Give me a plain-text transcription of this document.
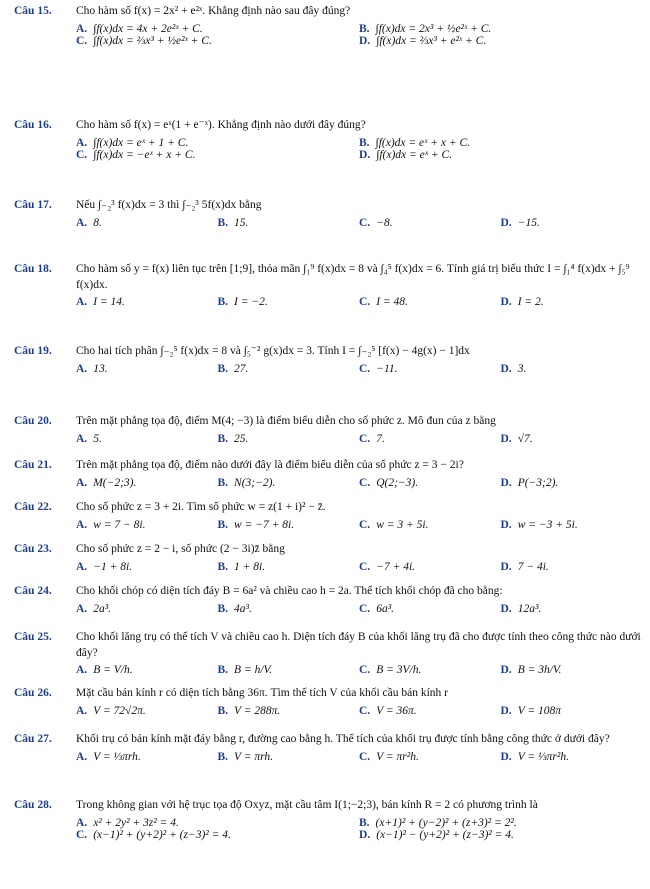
Câu 15.	Cho hàm số f(x) = 2x² + e²ˣ. Khẳng định nào sau đây đúng?
A. ∫f(x)dx = 4x + 2e²ˣ + C.	B. ∫f(x)dx = 2x³ + ½e²ˣ + C.
C. ∫f(x)dx = ⅔x³ + ½e²ˣ + C.	D. ∫f(x)dx = ⅔x³ + e²ˣ + C.
Câu 16.	Cho hàm số f(x) = eˣ(1 + e⁻ˣ). Khẳng định nào dưới đây đúng?
A. ∫f(x)dx = eˣ + 1 + C.	B. ∫f(x)dx = eˣ + x + C.
C. ∫f(x)dx = −eˣ + x + C.	D. ∫f(x)dx = eˣ + C.
Câu 17.	Nếu ∫₋₂³ f(x)dx = 3 thì ∫₋₂³ 5f(x)dx bằng
A. 8.	B. 15.	C. −8.	D. −15.
Câu 18.	Cho hàm số y = f(x) liên tục trên [1;9], thỏa mãn ∫₁⁹ f(x)dx = 8 và ∫₄⁵ f(x)dx = 6. Tính giá trị biểu thức I = ∫₁⁴ f(x)dx + ∫₅⁹ f(x)dx.
A. I = 14.	B. I = −2.	C. I = 48.	D. I = 2.
Câu 19.	Cho hai tích phân ∫₋₂⁵ f(x)dx = 8 và ∫₅⁻² g(x)dx = 3. Tính I = ∫₋₂⁵ [f(x) − 4g(x) − 1]dx
A. 13.	B. 27.	C. −11.	D. 3.
Câu 20.	Trên mặt phẳng tọa độ, điểm M(4; −3) là điểm biểu diễn cho số phức z. Mô đun của z bằng
A. 5.	B. 25.	C. 7.	D. √7.
Câu 21.	Trên mặt phẳng tọa độ, điểm nào dưới đây là điểm biểu diễn của số phức z = 3 − 2i?
A. M(−2;3).	B. N(3;−2).	C. Q(2;−3).	D. P(−3;2).
Câu 22.	Cho số phức z = 3 + 2i. Tìm số phức w = z(1 + i)² − z̄.
A. w = 7 − 8i.	B. w = −7 + 8i.	C. w = 3 + 5i.	D. w = −3 + 5i.
Câu 23.	Cho số phức z = 2 − i, số phức (2 − 3i)z̄ bằng
A. −1 + 8i.	B. 1 + 8i.	C. −7 + 4i.	D. 7 − 4i.
Câu 24.	Cho khối chóp có diện tích đáy B = 6a² và chiều cao h = 2a. Thể tích khối chóp đã cho bằng:
A. 2a³.	B. 4a³.	C. 6a³.	D. 12a³.
Câu 25.	Cho khối lăng trụ có thể tích V và chiều cao h. Diện tích đáy B của khối lăng trụ đã cho được tính theo công thức nào dưới đây?
A. B = V/h.	B. B = h/V.	C. B = 3V/h.	D. B = 3h/V.
Câu 26.	Mặt cầu bán kính r có diện tích bằng 36π. Tìm thể tích V của khối cầu bán kính r
A. V = 72√2π.	B. V = 288π.	C. V = 36π.	D. V = 108π
Câu 27.	Khối trụ có bán kính mặt đáy bằng r, đường cao bằng h. Thể tích của khối trụ được tính bằng công thức ở dưới đây?
A. V = ⅓πrh.	B. V = πrh.	C. V = πr²h.	D. V = ⅓πr²h.
Câu 28.	Trong không gian với hệ trục tọa độ Oxyz, mặt cầu tâm I(1;−2;3), bán kính R = 2 có phương trình là
A. x² + 2y² + 3z² = 4.	B. (x+1)² + (y−2)² + (z+3)² = 2².
C. (x−1)² + (y+2)² + (z−3)² = 4.	D. (x−1)² − (y+2)² + (z−3)² = 4.
